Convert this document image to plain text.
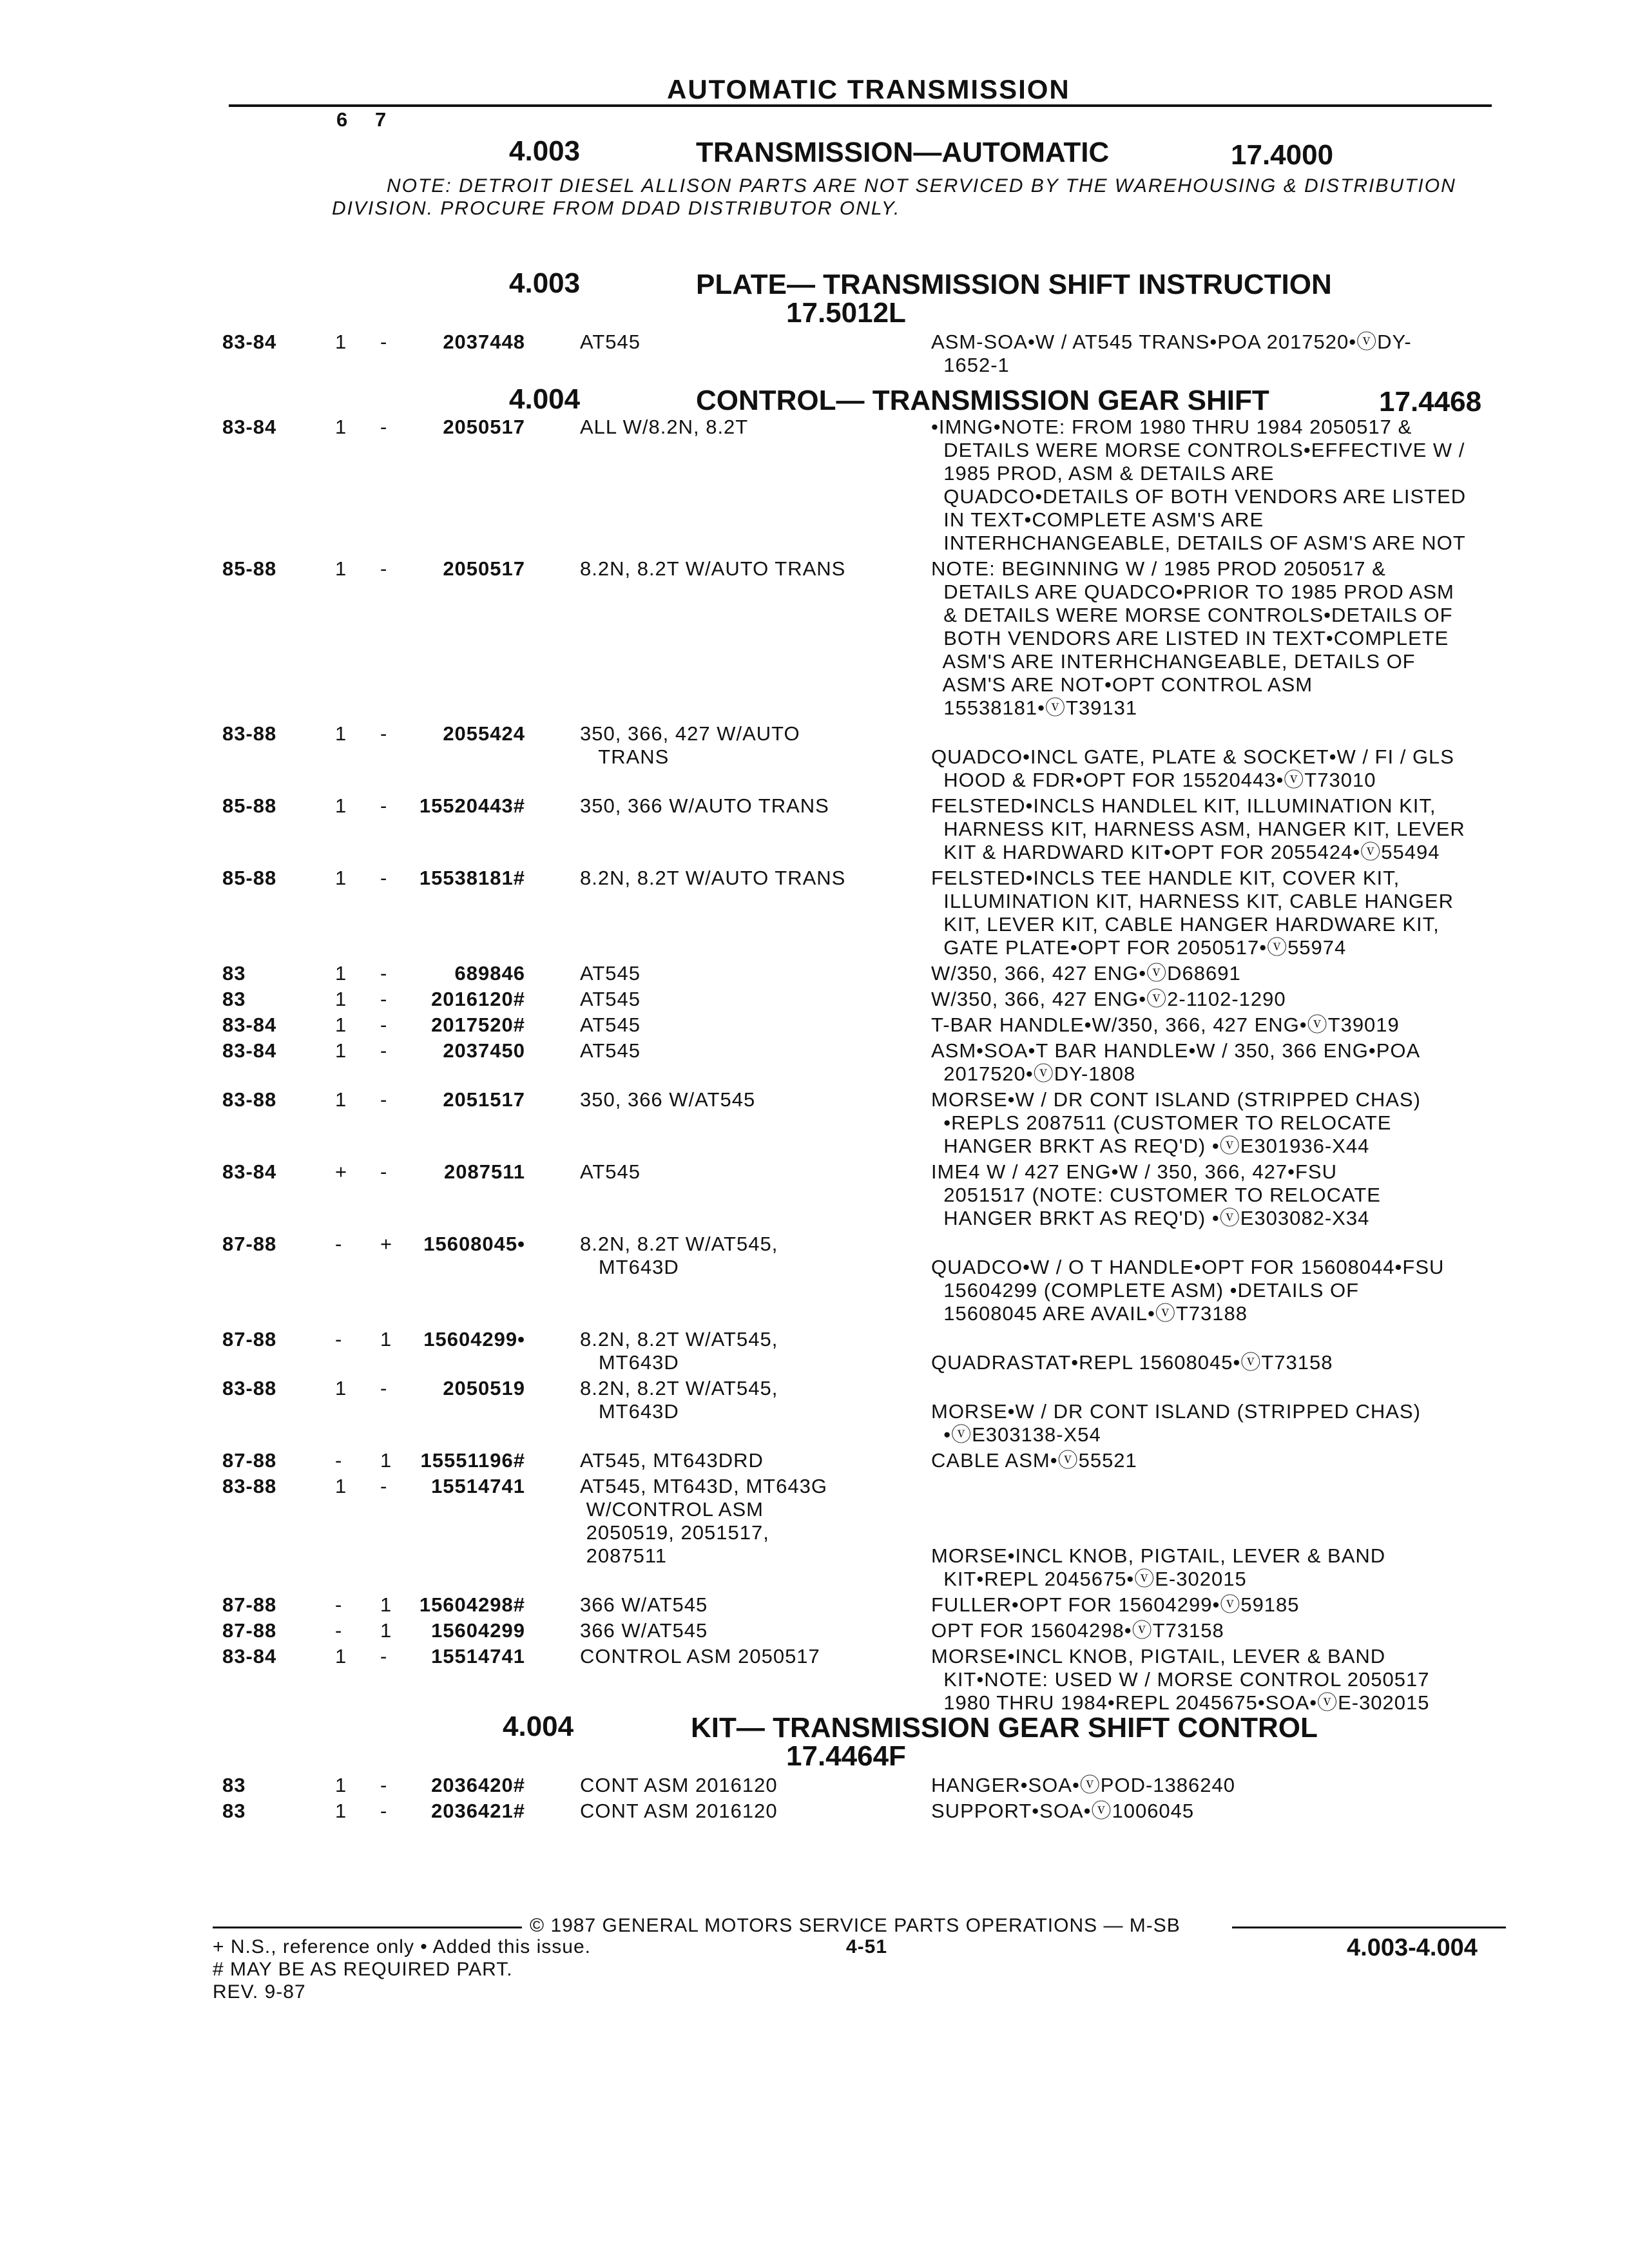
AUTOMATIC TRANSMISSION
6 7
4.003	TRANSMISSION—AUTOMATIC	17.4000
NOTE: DETROIT DIESEL ALLISON PARTS ARE NOT SERVICED BY THE WAREHOUSING & DISTRIBUTION
DIVISION. PROCURE FROM DDAD DISTRIBUTOR ONLY.
4.003	PLATE— TRANSMISSION SHIFT INSTRUCTION
17.5012L
83-84	1 -	2037448	AT545	ASM-SOA•W / AT545 TRANS•POA 2017520•ⓥDY-
1652-1
4.004	CONTROL— TRANSMISSION GEAR SHIFT	17.4468
83-84	1 -	2050517	ALL W/8.2N, 8.2T	•IMNG•NOTE: FROM 1980 THRU 1984 2050517 &
DETAILS WERE MORSE CONTROLS•EFFECTIVE W /
1985 PROD, ASM & DETAILS ARE
QUADCO•DETAILS OF BOTH VENDORS ARE LISTED
IN TEXT•COMPLETE ASM'S ARE
INTERHCHANGEABLE, DETAILS OF ASM'S ARE NOT
85-88	1 -	2050517	8.2N, 8.2T W/AUTO TRANS	NOTE: BEGINNING W / 1985 PROD 2050517 &
DETAILS ARE QUADCO•PRIOR TO 1985 PROD ASM
& DETAILS WERE MORSE CONTROLS•DETAILS OF
BOTH VENDORS ARE LISTED IN TEXT•COMPLETE
ASM'S ARE INTERHCHANGEABLE, DETAILS OF
ASM'S ARE NOT•OPT CONTROL ASM
15538181•ⓥT39131
83-88	1 -	2055424	350, 366, 427 W/AUTO
TRANS	QUADCO•INCL GATE, PLATE & SOCKET•W / FI / GLS
HOOD & FDR•OPT FOR 15520443•ⓥT73010
85-88	1 - 15520443#	350, 366 W/AUTO TRANS	FELSTED•INCLS HANDLEL KIT, ILLUMINATION KIT,
HARNESS KIT, HARNESS ASM, HANGER KIT, LEVER
KIT & HARDWARD KIT•OPT FOR 2055424•ⓥ55494
85-88	1 - 15538181#	8.2N, 8.2T W/AUTO TRANS	FELSTED•INCLS TEE HANDLE KIT, COVER KIT,
ILLUMINATION KIT, HARNESS KIT, CABLE HANGER
KIT, LEVER KIT, CABLE HANGER HARDWARE KIT,
GATE PLATE•OPT FOR 2050517•ⓥ55974
83	1 -	689846	AT545	W/350, 366, 427 ENG•ⓥD68691
83	1 - 2016120#	AT545	W/350, 366, 427 ENG•ⓥ2-1102-1290
83-84	1 - 2017520#	AT545	T-BAR HANDLE•W/350, 366, 427 ENG•ⓥT39019
83-84	1 -	2037450	AT545	ASM•SOA•T BAR HANDLE•W / 350, 366 ENG•POA
2017520•ⓥDY-1808
83-88	1 -	2051517	350, 366 W/AT545	MORSE•W / DR CONT ISLAND (STRIPPED CHAS)
•REPLS 2087511 (CUSTOMER TO RELOCATE
HANGER BRKT AS REQ'D) •ⓥE301936-X44
83-84	+ -	2087511	AT545	IME4 W / 427 ENG•W / 350, 366, 427•FSU
2051517 (NOTE: CUSTOMER TO RELOCATE
HANGER BRKT AS REQ'D) •ⓥE303082-X34
87-88	- + 15608045•	8.2N, 8.2T W/AT545,
MT643D	QUADCO•W / O T HANDLE•OPT FOR 15608044•FSU
15604299 (COMPLETE ASM) •DETAILS OF
15608045 ARE AVAIL•ⓥT73188
87-88	- 1 15604299•	8.2N, 8.2T W/AT545,
MT643D	QUADRASTAT•REPL 15608045•ⓥT73158
83-88	1 -	2050519	8.2N, 8.2T W/AT545,
MT643D	MORSE•W / DR CONT ISLAND (STRIPPED CHAS)
•ⓥE303138-X54
87-88	- 1 15551196#	AT545, MT643DRD	CABLE ASM•ⓥ55521
83-88	1 - 15514741	AT545, MT643D, MT643G
W/CONTROL ASM
2050519, 2051517,
2087511	MORSE•INCL KNOB, PIGTAIL, LEVER & BAND
KIT•REPL 2045675•ⓥE-302015
87-88	- 1 15604298#	366 W/AT545	FULLER•OPT FOR 15604299•ⓥ59185
87-88	- 1 15604299	366 W/AT545	OPT FOR 15604298•ⓥT73158
83-84	1 - 15514741	CONTROL ASM 2050517	MORSE•INCL KNOB, PIGTAIL, LEVER & BAND
KIT•NOTE: USED W / MORSE CONTROL 2050517
1980 THRU 1984•REPL 2045675•SOA•ⓥE-302015
4.004	KIT— TRANSMISSION GEAR SHIFT CONTROL
17.4464F
83	1 - 2036420#	CONT ASM 2016120	HANGER•SOA•ⓥPOD-1386240
83	1 - 2036421#	CONT ASM 2016120	SUPPORT•SOA•ⓥ1006045
© 1987 GENERAL MOTORS SERVICE PARTS OPERATIONS — M-SB
+ N.S., reference only • Added this issue.	4-51	4.003-4.004
# MAY BE AS REQUIRED PART.
REV. 9-87
